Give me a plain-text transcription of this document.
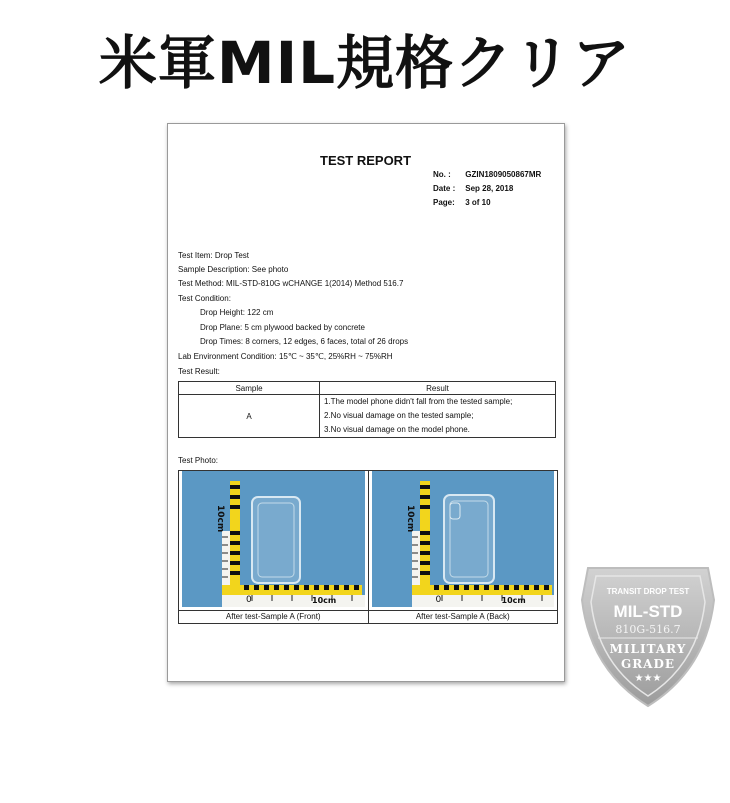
米軍MIL規格クリア
TEST REPORT
No. : GZIN1809050867MR
Date : Sep 28, 2018
Page: 3 of 10
Test Item: Drop Test
Sample Description: See photo
Test Method: MIL-STD-810G wCHANGE 1(2014) Method 516.7
Test Condition:
Drop Height: 122 cm
Drop Plane: 5 cm plywood backed by concrete
Drop Times: 8 corners, 12 edges, 6 faces, total of 26 drops
Lab Environment Condition: 15℃ ~ 35℃, 25%RH ~ 75%RH
Test Result:
Sample	Result
A	1.The model phone didn't fall from the tested sample;
2.No visual damage on the tested sample;
3.No visual damage on the model phone.
Test Photo:
10cm
0	10cm
After test-Sample A (Front)
10cm
0	10cm
After test-Sample A (Back)
TRANSIT DROP TEST
MIL-STD
810G-516.7
MILITARY
GRADE
★★★
